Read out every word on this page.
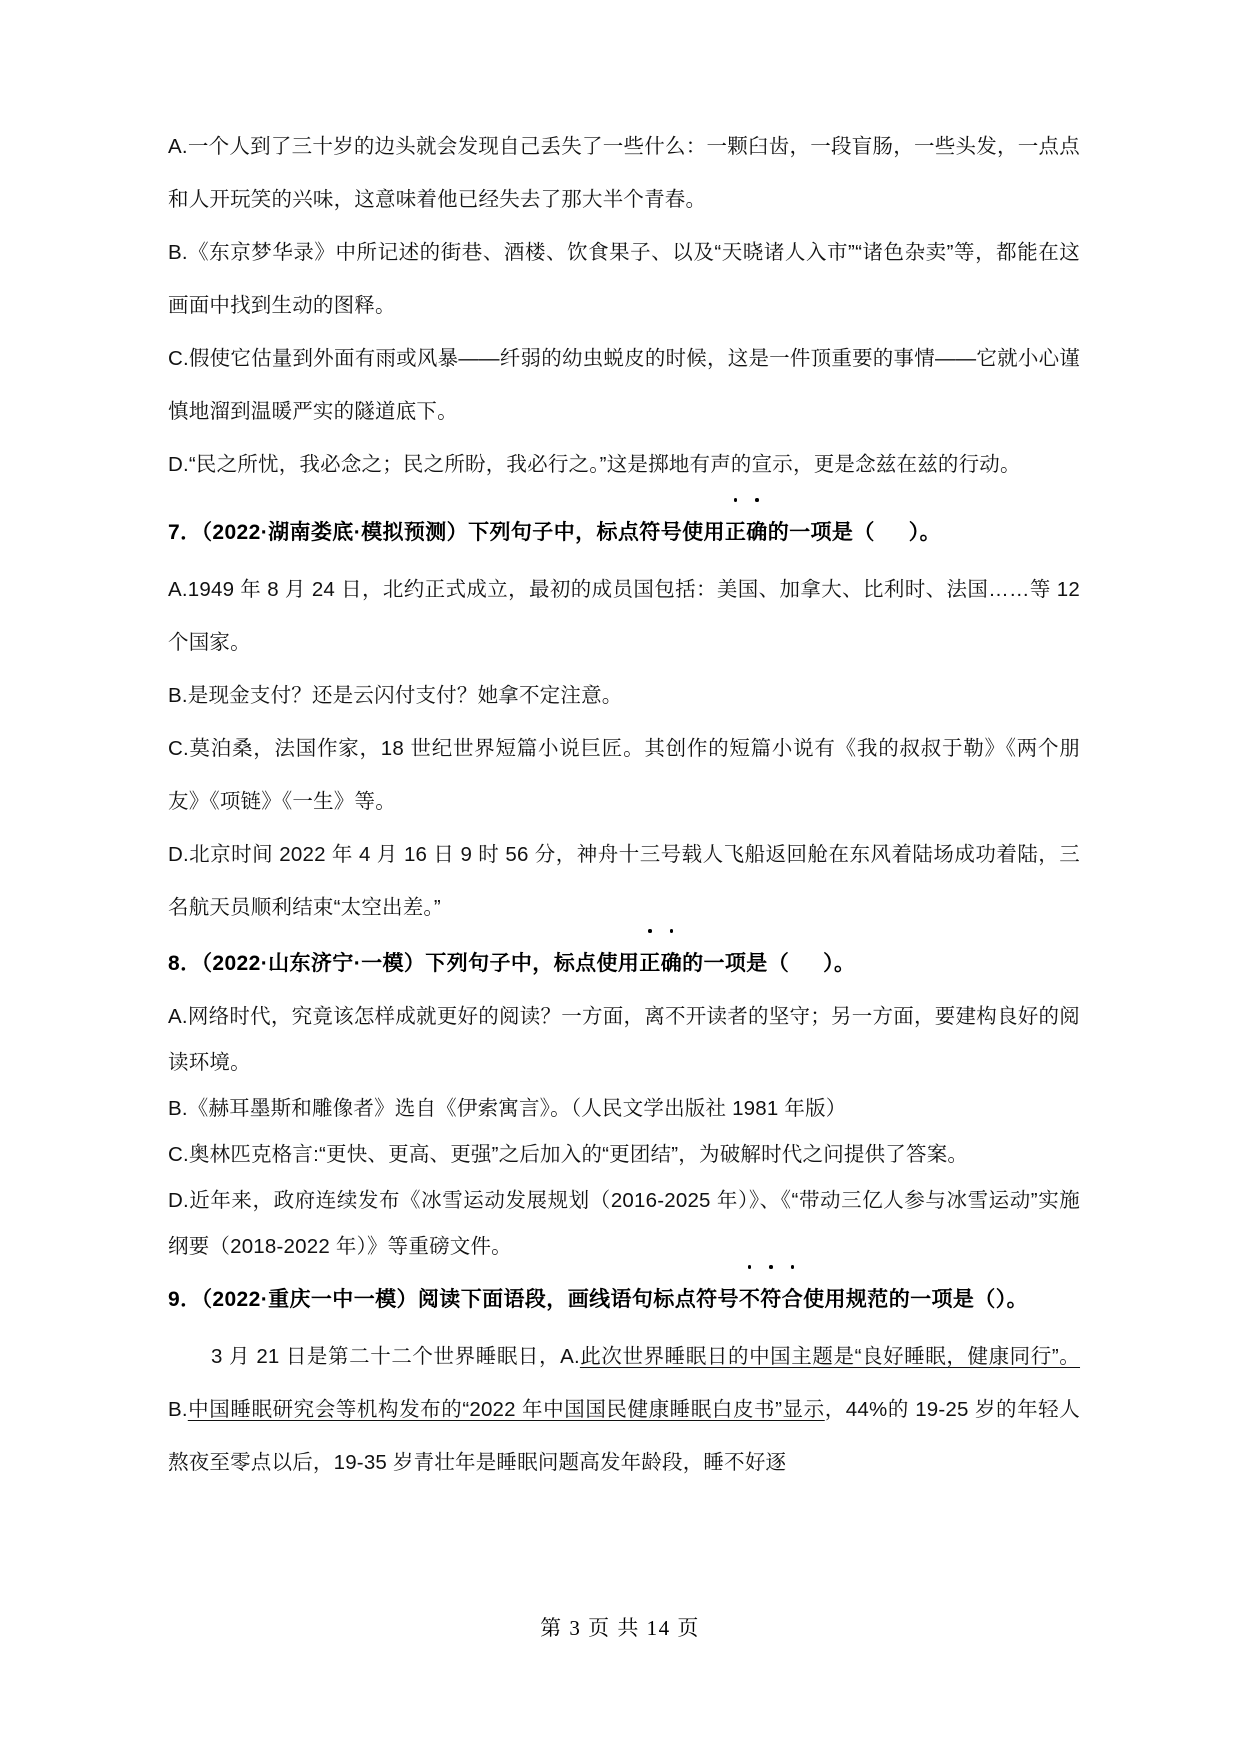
A.一个人到了三十岁的边头就会发现自己丢失了一些什么：一颗臼齿，一段盲肠，一些头发，一点点和人开玩笑的兴味，这意味着他已经失去了那大半个青春。

B.《东京梦华录》中所记述的街巷、酒楼、饮食果子、以及“天晓诸人入市”“诸色杂卖”等，都能在这画面中找到生动的图释。

C.假使它估量到外面有雨或风暴——纤弱的幼虫蜕皮的时候，这是一件顶重要的事情——它就小心谨慎地溜到温暖严实的隧道底下。

D.“民之所忧，我必念之；民之所盼，我必行之。”这是掷地有声的宣示，更是念兹在兹的行动。

7．（2022·湖南娄底·模拟预测）下列句子中，标点符号使用
正确的一项是（ ）。

A.1949 年 8 月 24 日，北约正式成立，最初的成员国包括：美国、加拿大、比利时、法国……等 12 个国家。

B.是现金支付？还是云闪付支付？她拿不定注意。

C.莫泊桑，法国作家，18 世纪世界短篇小说巨匠。其创作的短篇小说有《我的叔叔于勒》《两个朋友》《项链》《一生》等。

D.北京时间 2022 年 4 月 16 日 9 时 56 分，神舟十三号载人飞船返回舱在东风着陆场成功着陆，三名航天员顺利结束“太空出差。”

8．（2022·山东济宁·一模）下列句子中，标点使用
正确的一项是（ ）。

A.网络时代，究竟该怎样成就更好的阅读？一方面，离不开读者的坚守；另一方面，要建构良好的阅读环境。

B.《赫耳墨斯和雕像者》选自《伊索寓言》。（人民文学出版社 1981 年版）

C.奥林匹克格言:“更快、更高、更强”之后加入的“更团结”，为破解时代之问提供了答案。

D.近年来，政府连续发布《冰雪运动发展规划（2016-2025 年）》、《“带动三亿人参与冰雪运动”实施纲要（2018-2022 年）》等重磅文件。

9．（2022·重庆一中一模）阅读下面语段，画线语句标点符号
不符合使用规范的一项是（）。

3 月 21 日是第二十二个世界睡眠日，A.此次世界睡眠日的中国主题是“良好睡眠，健康同行”。B.中国睡眠研究会等机构发布的“2022 年中国国民健康睡眠白皮书”显示，44%的 19-25 岁的年轻人熬夜至零点以后，19-35 岁青壮年是睡眠问题高发年龄段，睡不好逐

第 3 页 共 14 页
